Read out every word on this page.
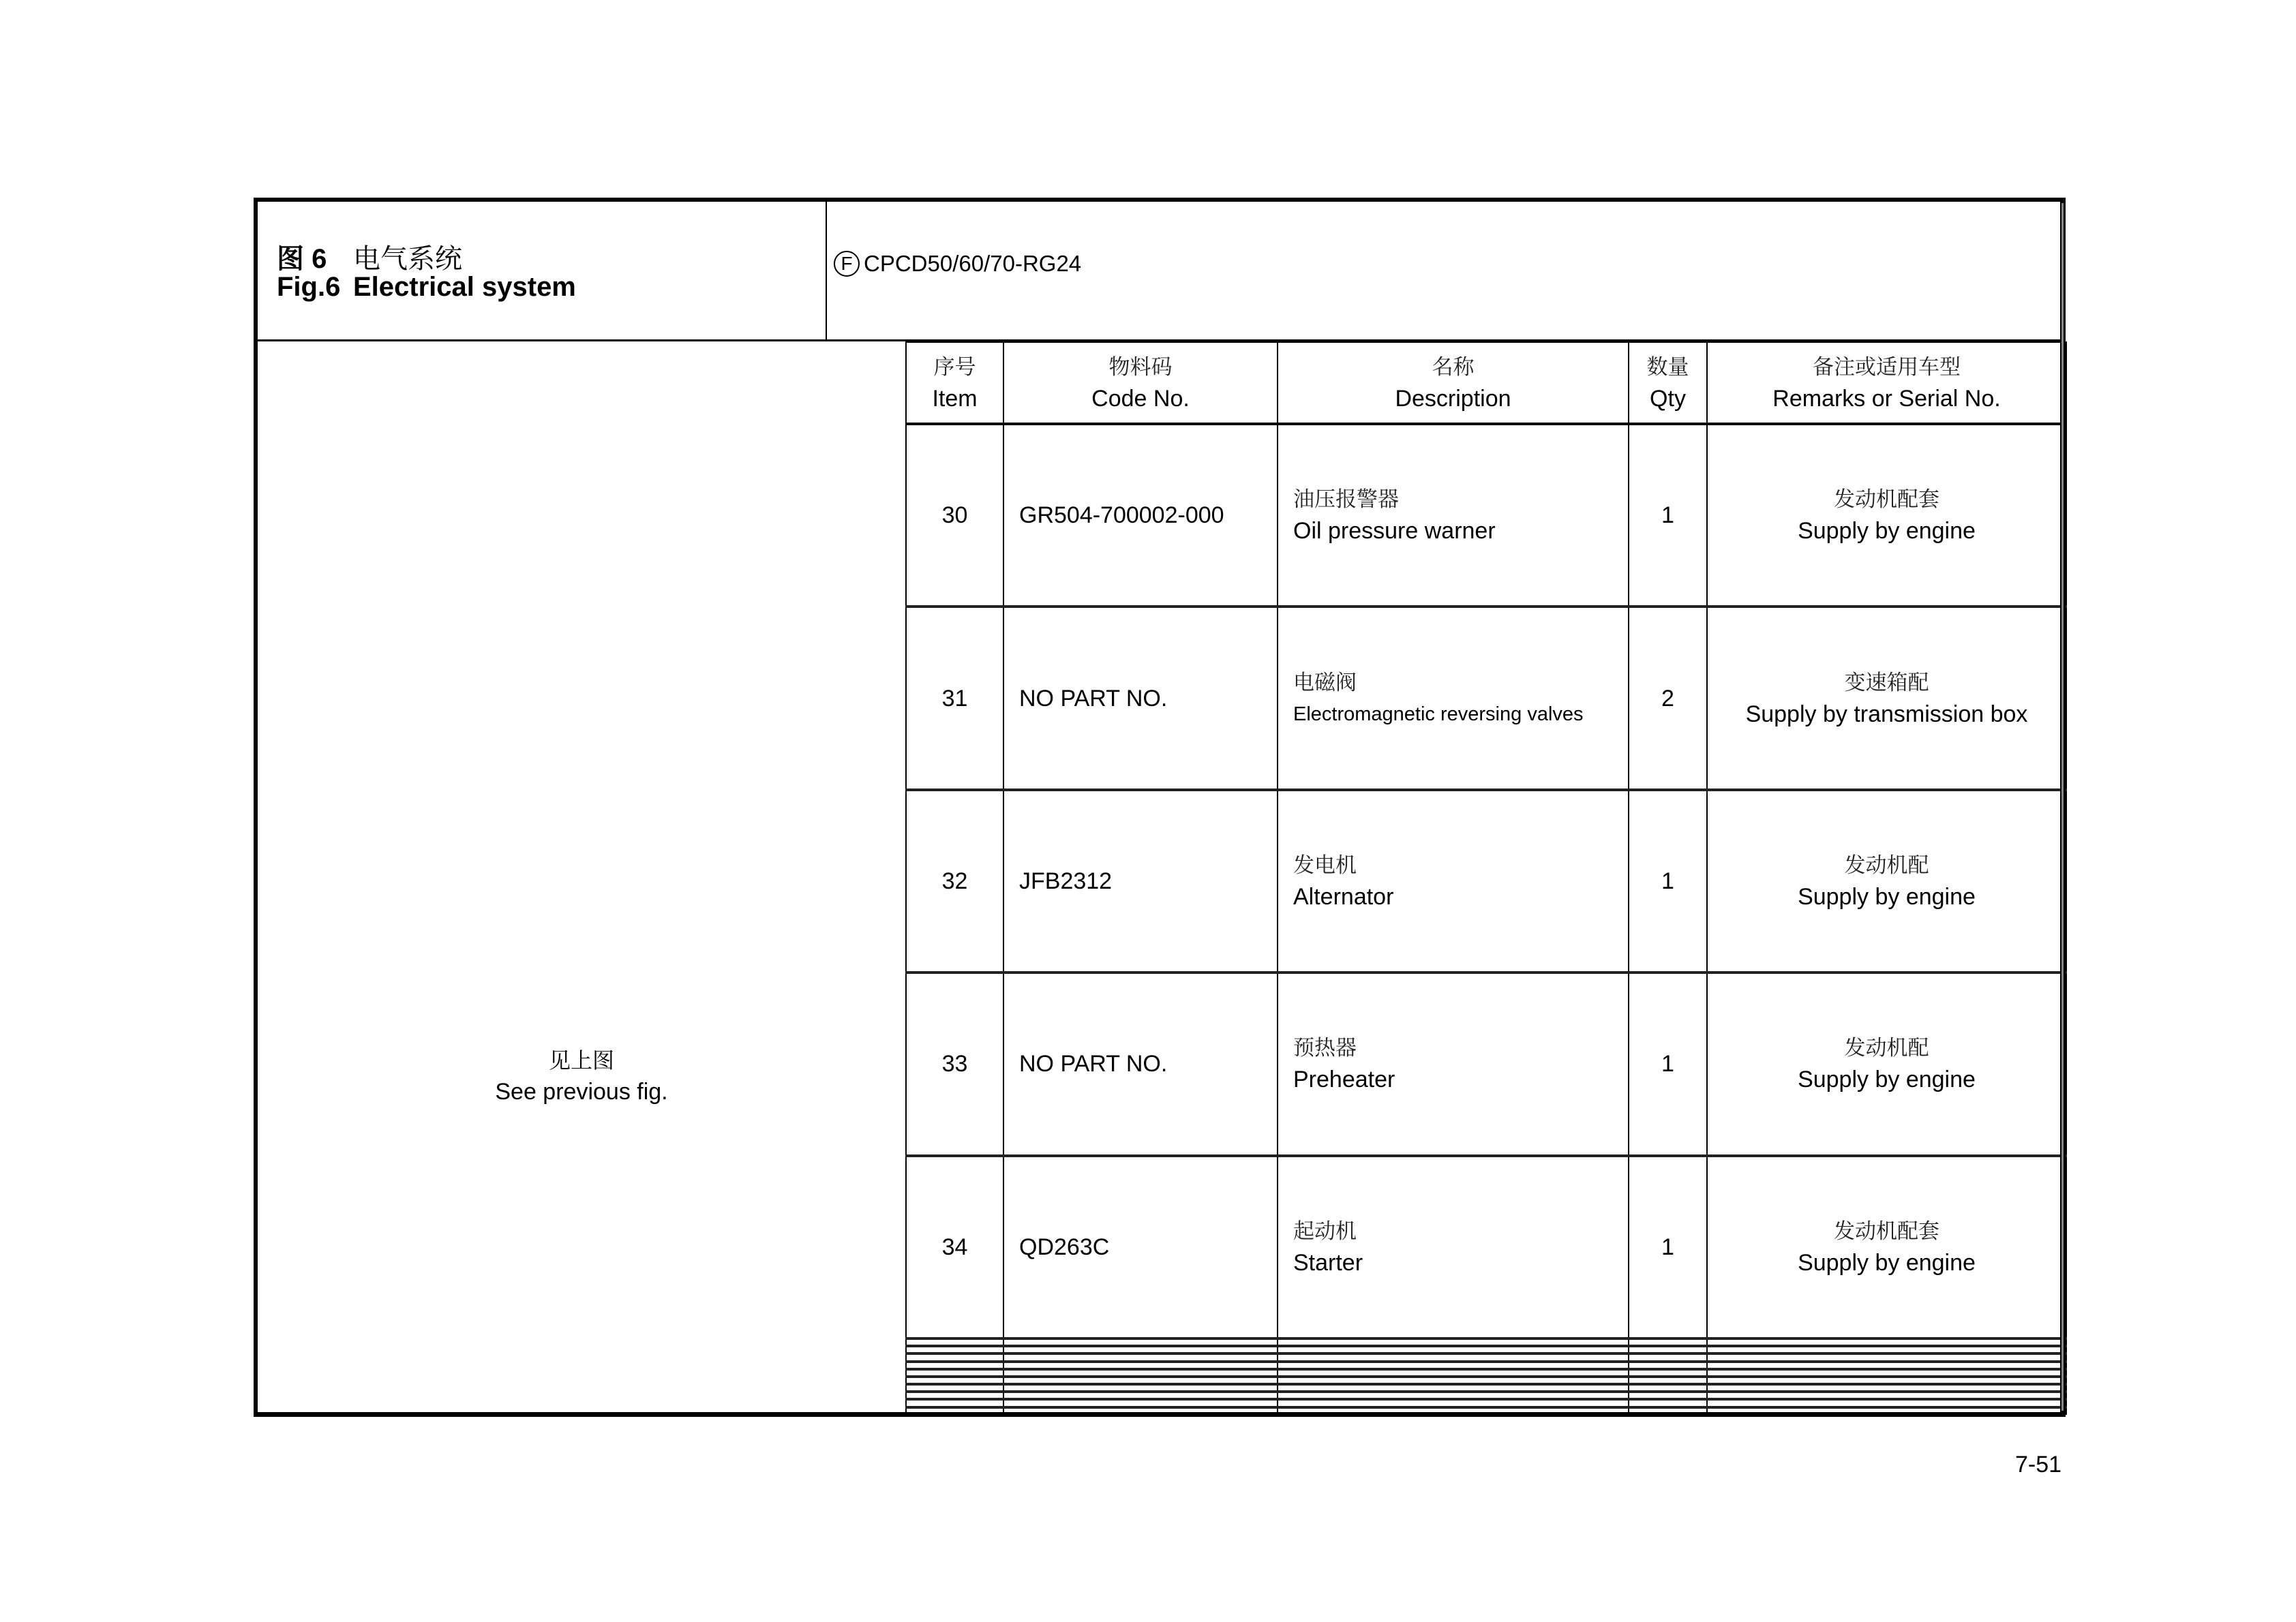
图 6 电气系统
Fig.6 Electrical system
F CPCD50/60/70-RG24
见上图
See previous fig.
序号
Item	物料码
Code No.	名称
Description	数量
Qty	备注或适用车型
Remarks or Serial No.

30	GR504-700002-000	油压报警器
Oil pressure warner	1	发动机配套
Supply by engine

31	NO PART NO.	电磁阀
Electromagnetic reversing valves	2	变速箱配
Supply by transmission box

32	JFB2312	发电机
Alternator	1	发动机配
Supply by engine

33	NO PART NO.	预热器
Preheater	1	发动机配
Supply by engine

34	QD263C	起动机
Starter	1	发动机配套
Supply by engine

7-51
